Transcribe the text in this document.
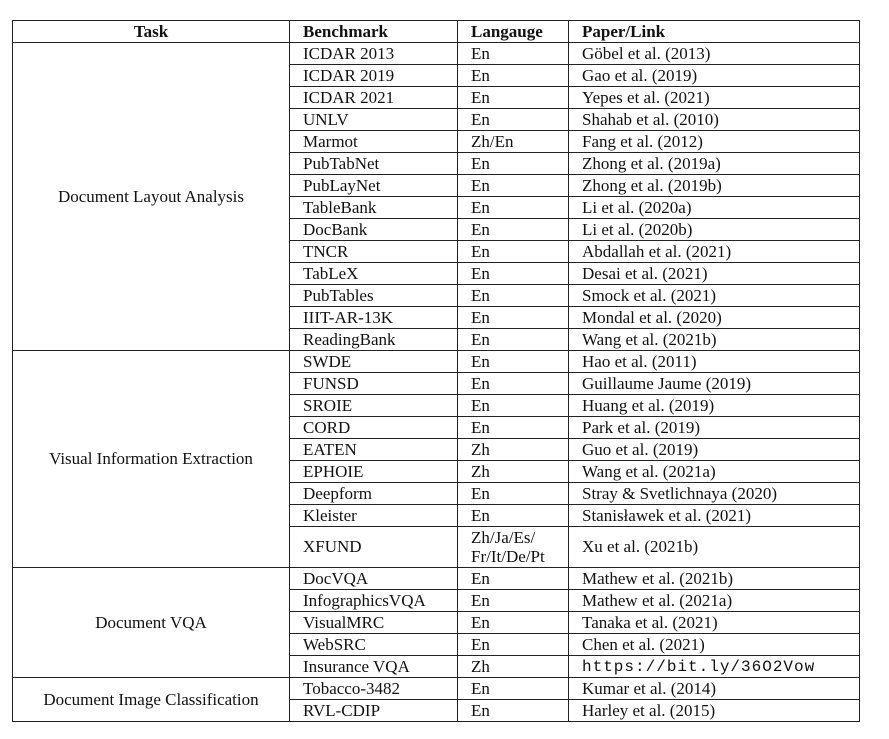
Task	Benchmark	Langauge	Paper/Link
Document Layout Analysis	ICDAR 2013	En	Göbel et al. (2013)
	ICDAR 2019	En	Gao et al. (2019)
	ICDAR 2021	En	Yepes et al. (2021)
	UNLV	En	Shahab et al. (2010)
	Marmot	Zh/En	Fang et al. (2012)
	PubTabNet	En	Zhong et al. (2019a)
	PubLayNet	En	Zhong et al. (2019b)
	TableBank	En	Li et al. (2020a)
	DocBank	En	Li et al. (2020b)
	TNCR	En	Abdallah et al. (2021)
	TabLeX	En	Desai et al. (2021)
	PubTables	En	Smock et al. (2021)
	IIIT-AR-13K	En	Mondal et al. (2020)
	ReadingBank	En	Wang et al. (2021b)
Visual Information Extraction	SWDE	En	Hao et al. (2011)
	FUNSD	En	Guillaume Jaume (2019)
	SROIE	En	Huang et al. (2019)
	CORD	En	Park et al. (2019)
	EATEN	Zh	Guo et al. (2019)
	EPHOIE	Zh	Wang et al. (2021a)
	Deepform	En	Stray & Svetlichnaya (2020)
	Kleister	En	Stanisławek et al. (2021)
	XFUND	Zh/Ja/Es/ Fr/It/De/Pt	Xu et al. (2021b)
Document VQA	DocVQA	En	Mathew et al. (2021b)
	InfographicsVQA	En	Mathew et al. (2021a)
	VisualMRC	En	Tanaka et al. (2021)
	WebSRC	En	Chen et al. (2021)
	Insurance VQA	Zh	https://bit.ly/36O2Vow
Document Image Classification	Tobacco-3482	En	Kumar et al. (2014)
	RVL-CDIP	En	Harley et al. (2015)
